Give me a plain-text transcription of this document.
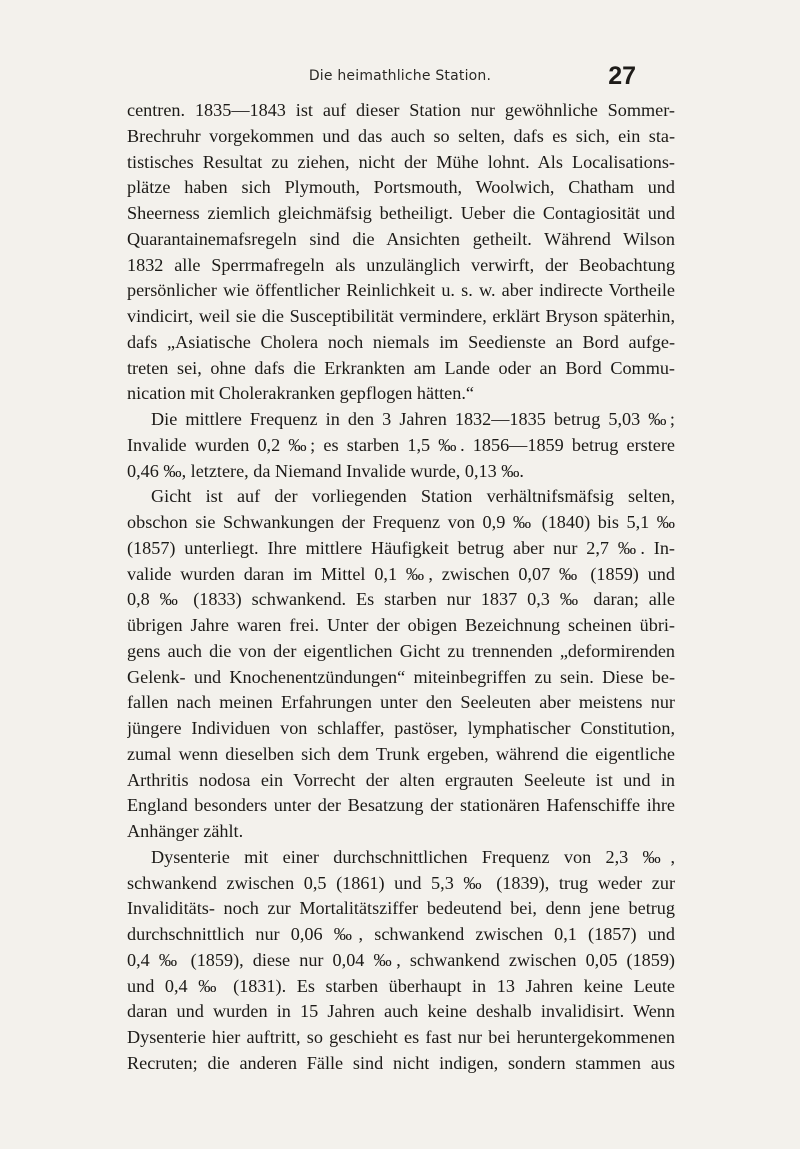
Die heimathliche Station.	27
centren. 1835—1843 ist auf dieser Station nur gewöhnliche Sommer-
Brechruhr vorgekommen und das auch so selten, dafs es sich, ein sta-
tistisches Resultat zu ziehen, nicht der Mühe lohnt. Als Localisations-
plätze haben sich Plymouth, Portsmouth, Woolwich, Chatham und
Sheerness ziemlich gleichmäfsig betheiligt. Ueber die Contagiosität und
Quarantainemafsregeln sind die Ansichten getheilt. Während Wilson
1832 alle Sperrmafregeln als unzulänglich verwirft, der Beobachtung
persönlicher wie öffentlicher Reinlichkeit u. s. w. aber indirecte Vortheile
vindicirt, weil sie die Susceptibilität vermindere, erklärt Bryson späterhin,
dafs „Asiatische Cholera noch niemals im Seedienste an Bord aufge-
treten sei, ohne dafs die Erkrankten am Lande oder an Bord Commu-
nication mit Cholerakranken gepflogen hätten.“
Die mittlere Frequenz in den 3 Jahren 1832—1835 betrug 5,03 ‰;
Invalide wurden 0,2 ‰; es starben 1,5 ‰. 1856—1859 betrug erstere
0,46 ‰, letztere, da Niemand Invalide wurde, 0,13 ‰.
Gicht ist auf der vorliegenden Station verhältnifsmäfsig selten,
obschon sie Schwankungen der Frequenz von 0,9 ‰ (1840) bis 5,1 ‰
(1857) unterliegt. Ihre mittlere Häufigkeit betrug aber nur 2,7 ‰. In-
valide wurden daran im Mittel 0,1 ‰, zwischen 0,07 ‰ (1859) und
0,8 ‰ (1833) schwankend. Es starben nur 1837 0,3 ‰ daran; alle
übrigen Jahre waren frei. Unter der obigen Bezeichnung scheinen übri-
gens auch die von der eigentlichen Gicht zu trennenden „deformirenden
Gelenk- und Knochenentzündungen“ miteinbegriffen zu sein. Diese be-
fallen nach meinen Erfahrungen unter den Seeleuten aber meistens nur
jüngere Individuen von schlaffer, pastöser, lymphatischer Constitution,
zumal wenn dieselben sich dem Trunk ergeben, während die eigentliche
Arthritis nodosa ein Vorrecht der alten ergrauten Seeleute ist und in
England besonders unter der Besatzung der stationären Hafenschiffe ihre
Anhänger zählt.
Dysenterie mit einer durchschnittlichen Frequenz von 2,3 ‰,
schwankend zwischen 0,5 (1861) und 5,3 ‰ (1839), trug weder zur
Invaliditäts- noch zur Mortalitätsziffer bedeutend bei, denn jene betrug
durchschnittlich nur 0,06 ‰, schwankend zwischen 0,1 (1857) und
0,4 ‰ (1859), diese nur 0,04 ‰, schwankend zwischen 0,05 (1859)
und 0,4 ‰ (1831). Es starben überhaupt in 13 Jahren keine Leute
daran und wurden in 15 Jahren auch keine deshalb invalidisirt. Wenn
Dysenterie hier auftritt, so geschieht es fast nur bei heruntergekommenen
Recruten; die anderen Fälle sind nicht indigen, sondern stammen aus
